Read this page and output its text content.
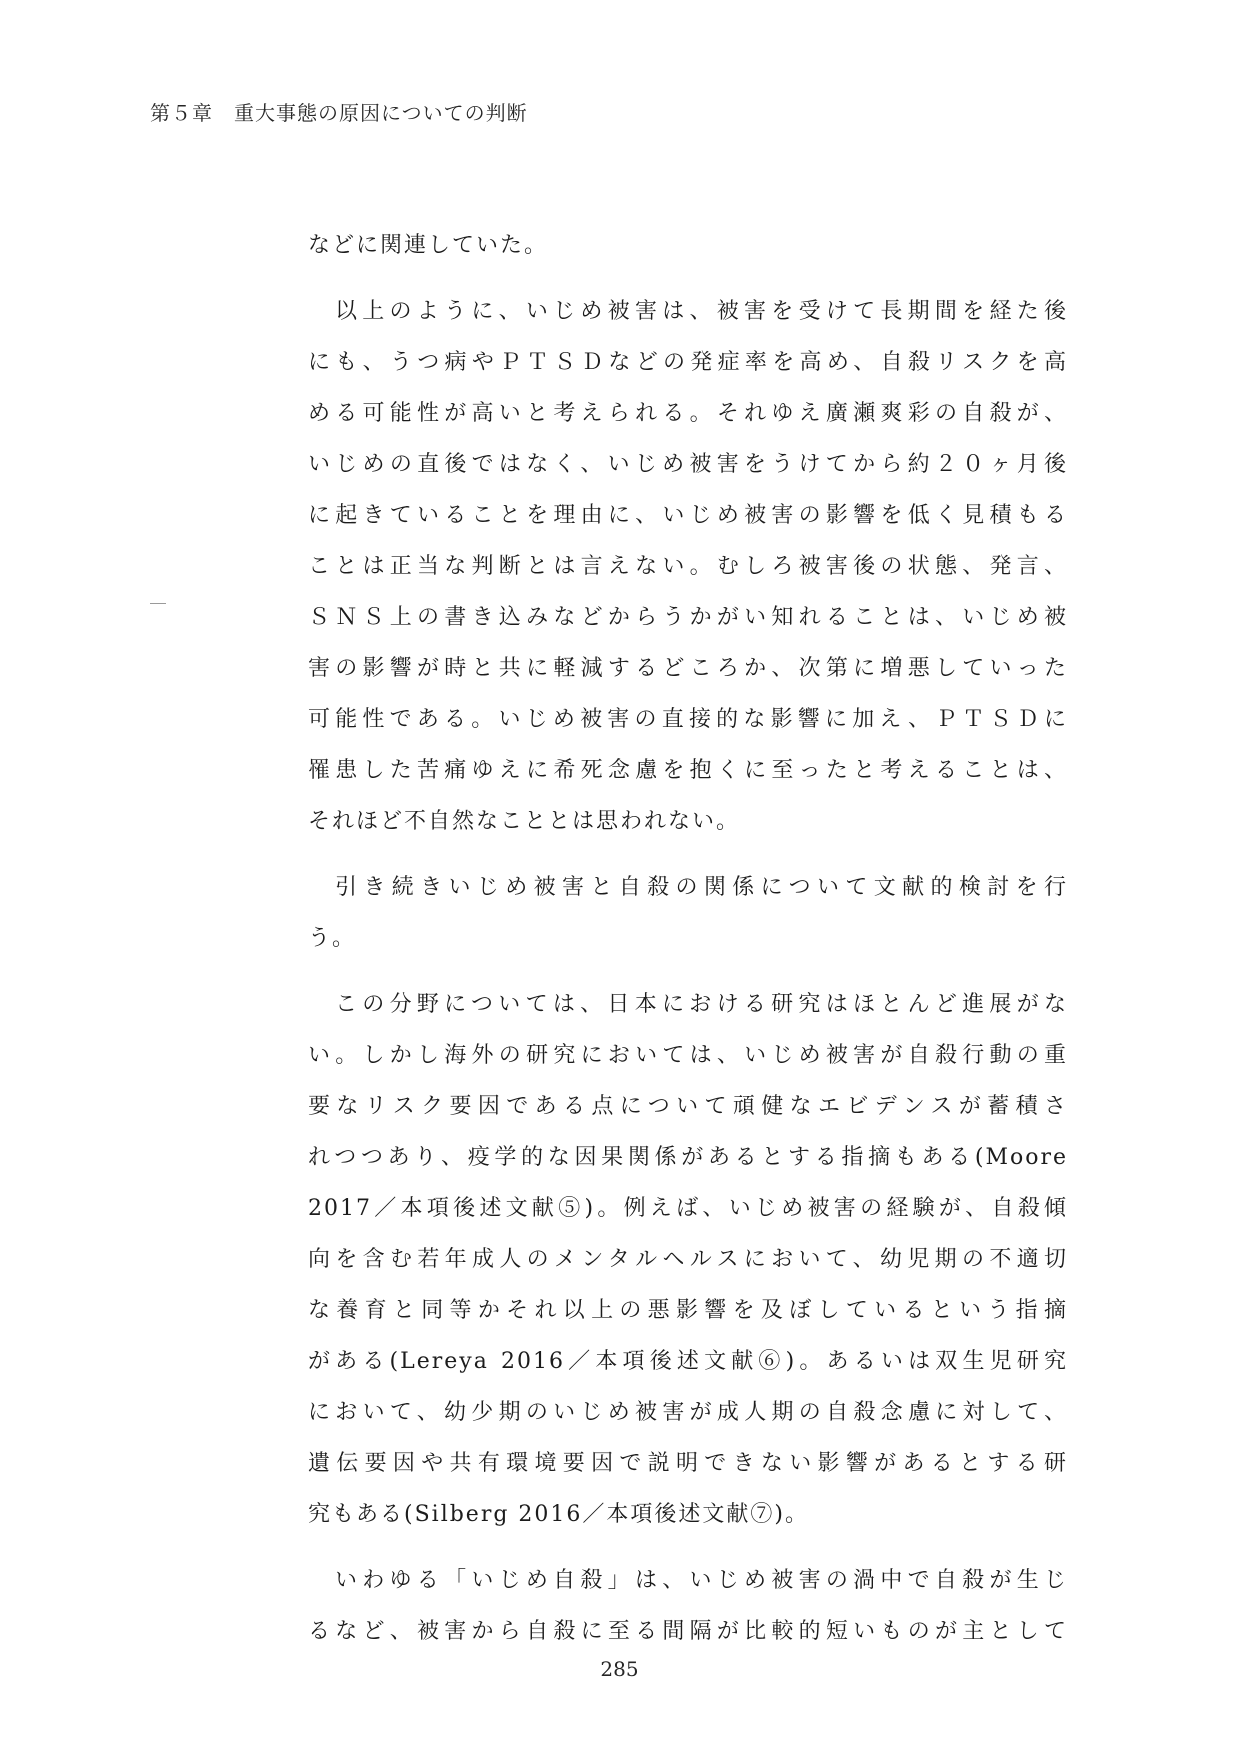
第５章　重大事態の原因についての判断
などに関連していた。
以上のように、いじめ被害は、被害を受けて長期間を経た後
にも、うつ病やＰＴＳＤなどの発症率を高め、自殺リスクを高
める可能性が高いと考えられる。それゆえ廣瀬爽彩の自殺が、
いじめの直後ではなく、いじめ被害をうけてから約２０ヶ月後
に起きていることを理由に、いじめ被害の影響を低く見積もる
ことは正当な判断とは言えない。むしろ被害後の状態、発言、
ＳＮＳ上の書き込みなどからうかがい知れることは、いじめ被
害の影響が時と共に軽減するどころか、次第に増悪していった
可能性である。いじめ被害の直接的な影響に加え、ＰＴＳＤに
罹患した苦痛ゆえに希死念慮を抱くに至ったと考えることは、
それほど不自然なこととは思われない。
引き続きいじめ被害と自殺の関係について文献的検討を行
う。
この分野については、日本における研究はほとんど進展がな
い。しかし海外の研究においては、いじめ被害が自殺行動の重
要なリスク要因である点について頑健なエビデンスが蓄積さ
れつつあり、疫学的な因果関係があるとする指摘もある(Moore
2017／本項後述文献⑤)。例えば、いじめ被害の経験が、自殺傾
向を含む若年成人のメンタルヘルスにおいて、幼児期の不適切
な養育と同等かそれ以上の悪影響を及ぼしているという指摘
がある(Lereya 2016／本項後述文献⑥)。あるいは双生児研究
において、幼少期のいじめ被害が成人期の自殺念慮に対して、
遺伝要因や共有環境要因で説明できない影響があるとする研
究もある(Silberg 2016／本項後述文献⑦)。
いわゆる「いじめ自殺」は、いじめ被害の渦中で自殺が生じ
るなど、被害から自殺に至る間隔が比較的短いものが主として
285
